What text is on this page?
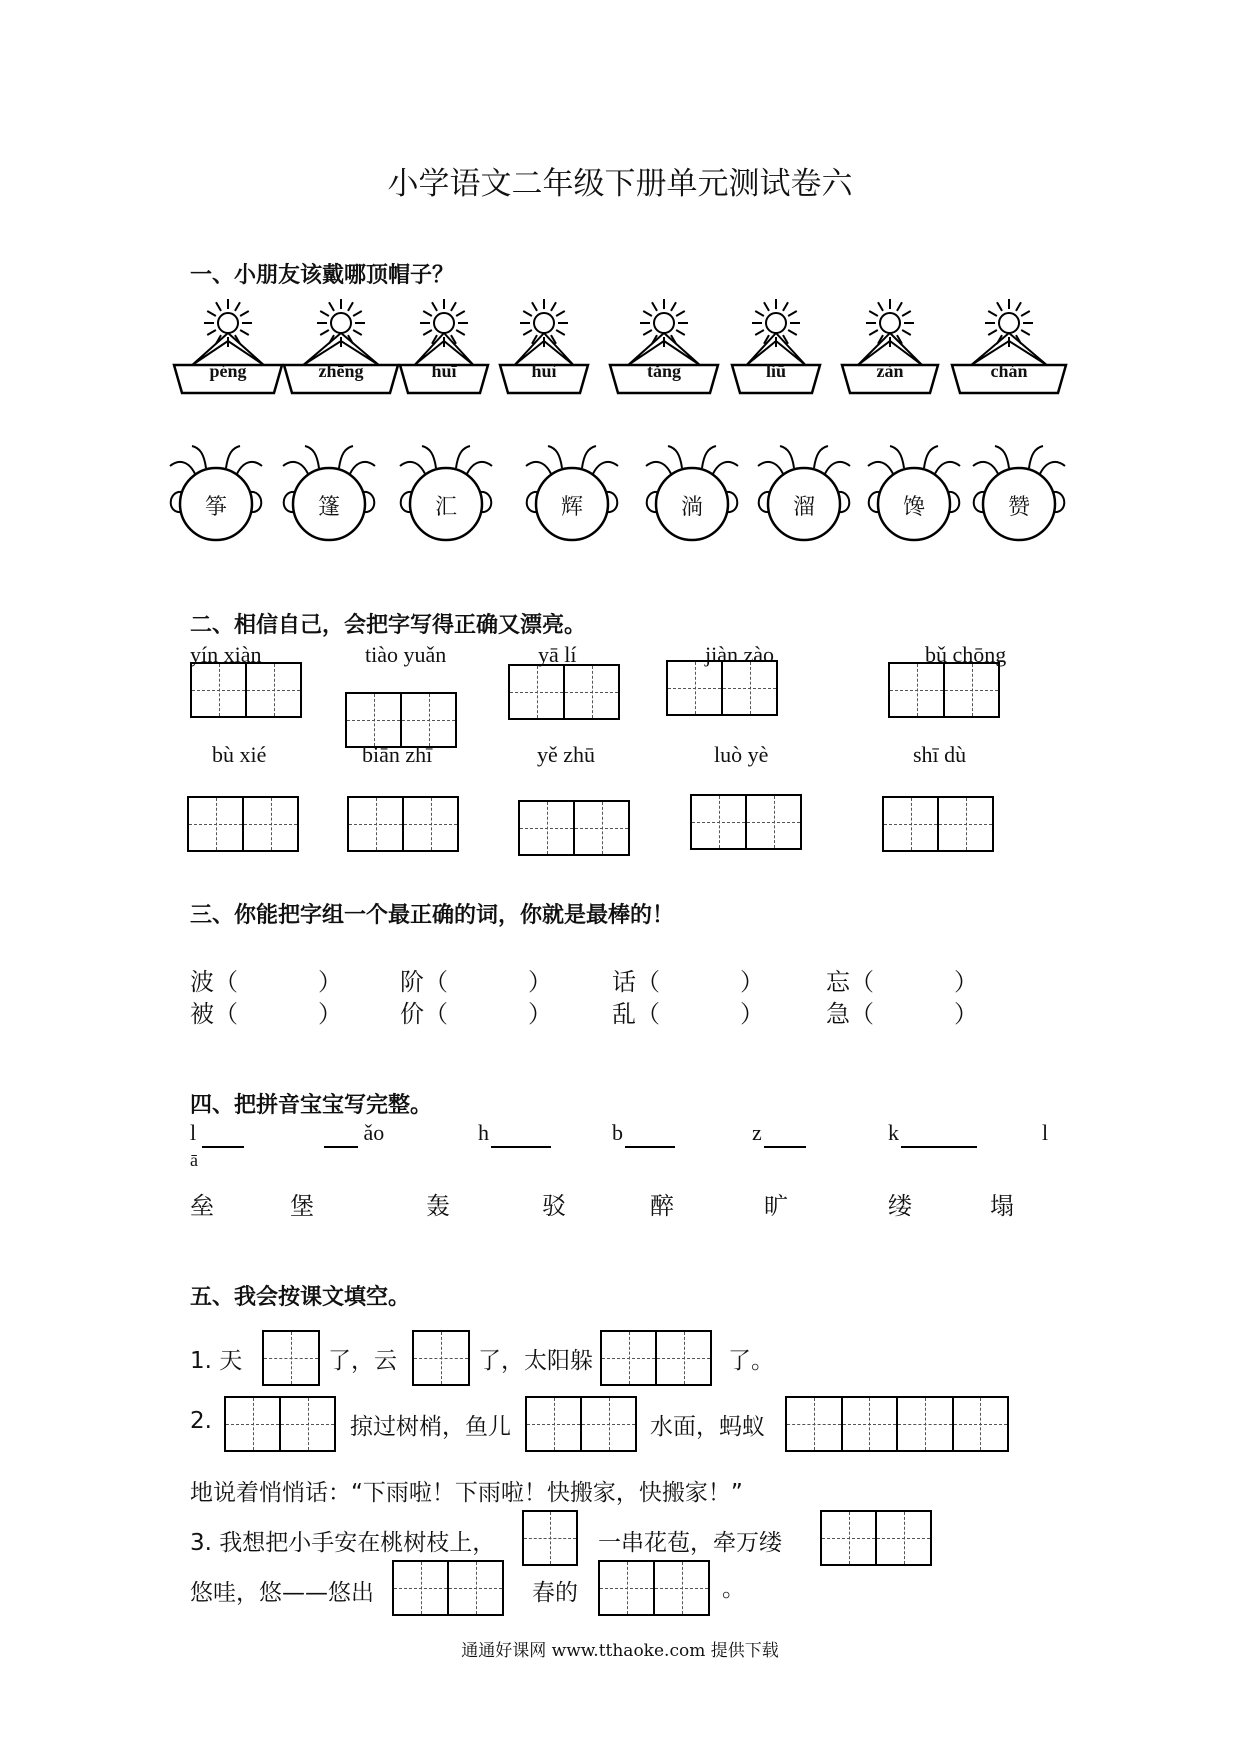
小学语文二年级下册单元测试卷六
一、小朋友该戴哪顶帽子？
péng	zhēng	huī	huì	tǎng	liū	zàn	chán
筝	篷	汇	辉	淌	溜	馋	赞
二、相信自己，会把字写得正确又漂亮。
yín xiàn	tiào yuǎn	yā lí	jiàn zào	bǔ chōng
bù xié	biān zhī	yě zhū	luò yè	shī dù
三、你能把字组一个最正确的词，你就是最棒的！
波（	） 阶（	）	话（	）	忘（	）
被（	） 价（	）	乱（	）	急（	）
四、把拼音宝宝写完整。
l	ǎo	h	b	z	k	l
ā
垒	堡	轰	驳	醉	旷	缕	塌
五、我会按课文填空。
1. 天	了，云	了，太阳躲	了。
2.	掠过树梢，鱼儿	水面，蚂蚁
地说着悄悄话：“下雨啦！下雨啦！快搬家，快搬家！”
3. 我想把小手安在桃树枝上，	一串花苞，牵万缕
悠哇，悠——悠出	春的	。
通通好课网 www.tthaoke.com 提供下载
